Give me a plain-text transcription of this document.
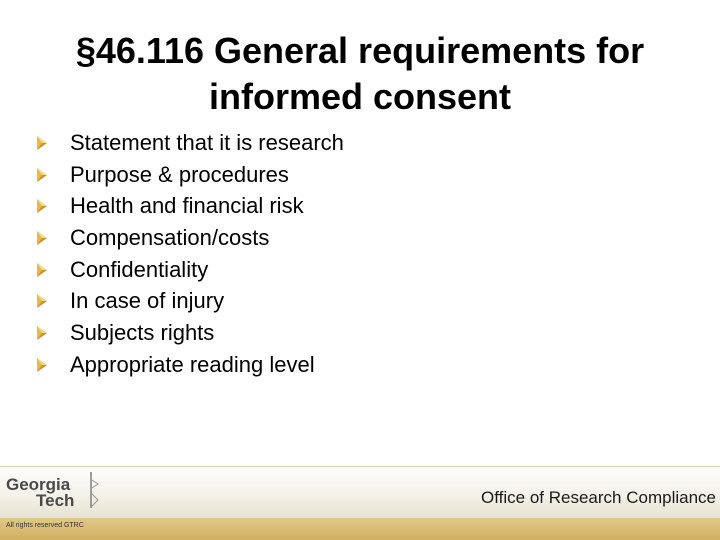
§46.116 General requirements for
informed consent
Statement that it is research
Purpose & procedures
Health and financial risk
Compensation/costs
Confidentiality
In case of injury
Subjects rights
Appropriate reading level
Georgia
Tech	Office of Research Compliance
All rights reserved GTRC
